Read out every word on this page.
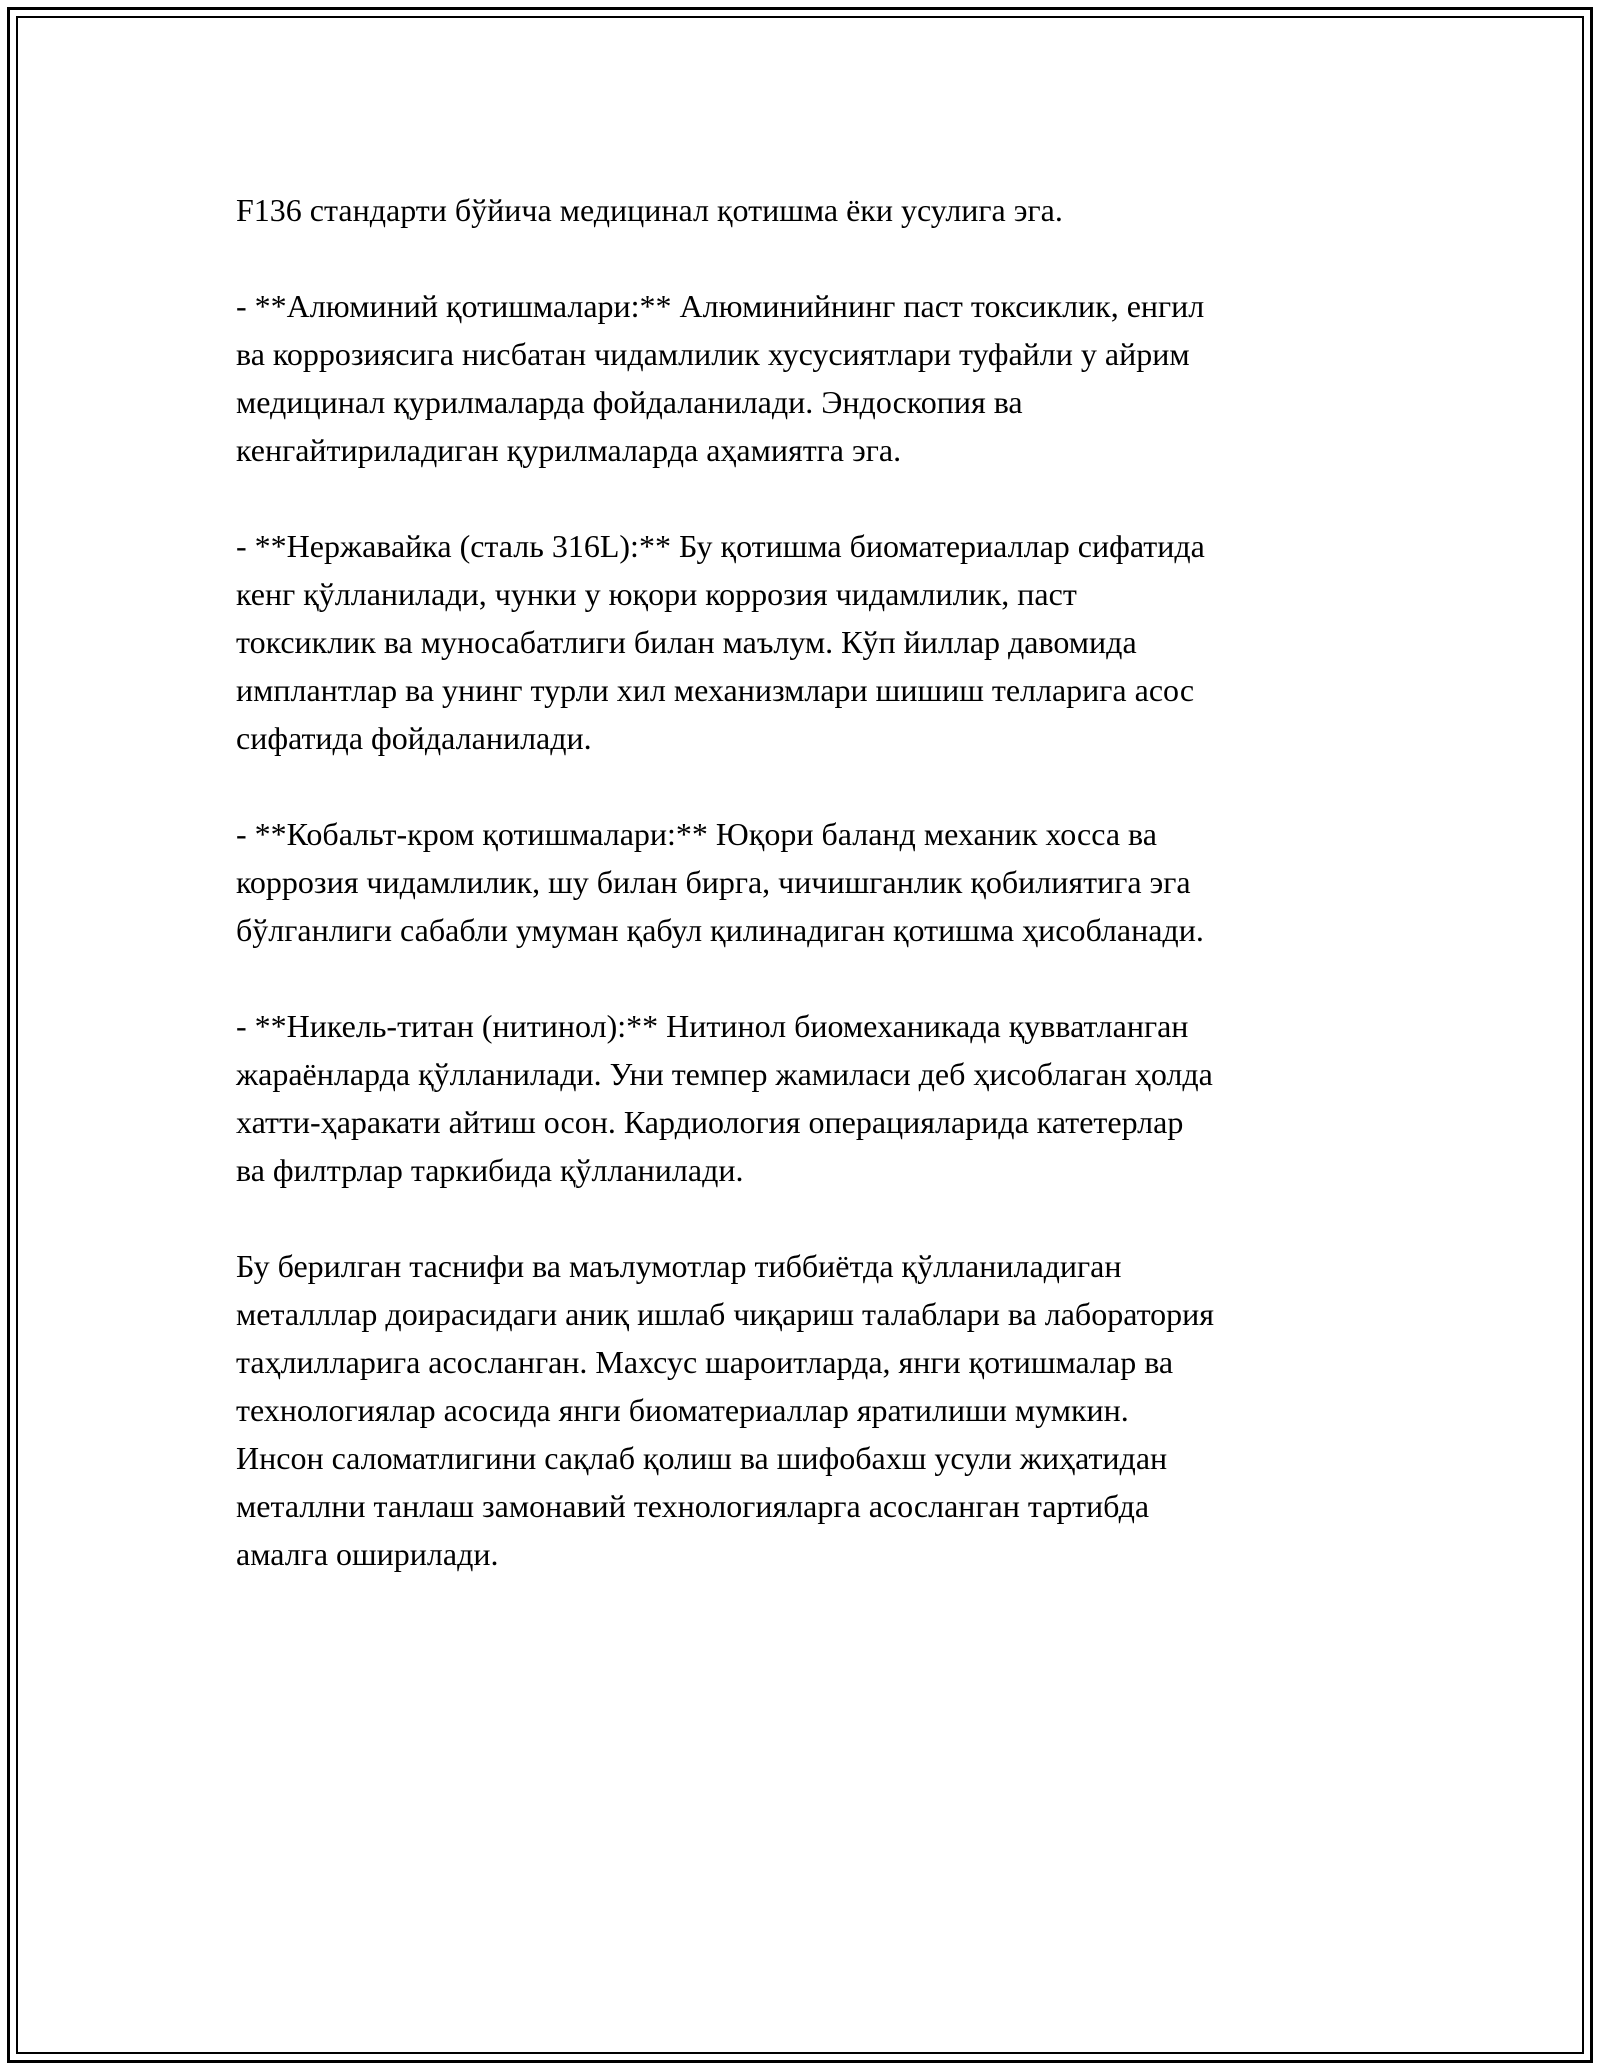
F136 стандарти бўйича медицинал қотишма ёки усулига эга.

- **Алюминий қотишмалари:** Алюминийнинг паст токсиклик, енгил
ва коррозиясига нисбатан чидамлилик хусусиятлари туфайли у айрим
медицинал қурилмаларда фойдаланилади. Эндоскопия ва
кенгайтириладиган қурилмаларда аҳамиятга эга.

- **Нержавайка (сталь 316L):** Бу қотишма биоматериаллар сифатида
кенг қўлланилади, чунки у юқори коррозия чидамлилик, паст
токсиклик ва муносабатлиги билан маълум. Кўп йиллар давомида
имплантлар ва унинг турли хил механизмлари шишиш телларига асос
сифатида фойдаланилади.

- **Кобальт-кром қотишмалари:** Юқори баланд механик хосса ва
коррозия чидамлилик, шу билан бирга, чичишганлик қобилиятига эга
бўлганлиги сабабли умуман қабул қилинадиган қотишма ҳисобланади.

- **Никель-титан (нитинол):** Нитинол биомеханикада қувватланган
жараёнларда қўлланилади. Уни темпер жамиласи деб ҳисоблаган ҳолда
хатти-ҳаракати айтиш осон. Кардиология операцияларида катетерлар
ва филтрлар таркибида қўлланилади.

Бу берилган таснифи ва маълумотлар тиббиётда қўлланиладиган
металллар доирасидаги аниқ ишлаб чиқариш талаблари ва лаборатория
таҳлилларига асосланган. Махсус шароитларда, янги қотишмалар ва
технологиялар асосида янги биоматериаллар яратилиши мумкин.
Инсон саломатлигини сақлаб қолиш ва шифобахш усули жиҳатидан
металлни танлаш замонавий технологияларга асосланган тартибда
амалга оширилади.
